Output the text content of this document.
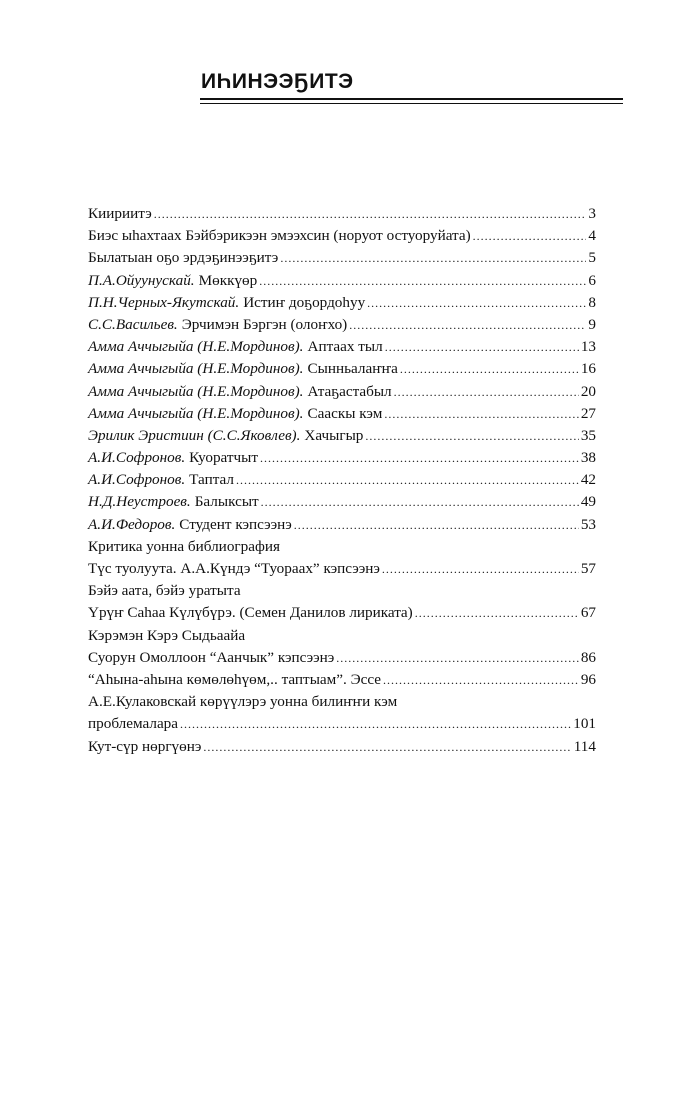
ИҺИНЭЭҔИТЭ
Киириитэ .....	3
Биэс ыhахтаах Бэйбэрикээн эмээхсин (норуот остуоруйата) .....	4
Былатыан оҕо эрдэҕинээҕитэ .....	5
П.А.Ойуунускай. Мөккүөр .....	6
П.Н.Черных-Якутскай. Истиҥ доҕордоhуу .....	8
С.С.Васильев. Эрчимэн Бэргэн (олоҥхо) .....	9
Амма Аччыгыйа (Н.Е.Мординов). Аптаах тыл .....	13
Амма Аччыгыйа (Н.Е.Мординов). Сынньалаҥҥа .....	16
Амма Аччыгыйа (Н.Е.Мординов). Атаҕастабыл .....	20
Амма Аччыгыйа (Н.Е.Мординов). Сааскы кэм .....	27
Эрилик Эристиин (С.С.Яковлев). Хачыгыр .....	35
А.И.Софронов. Куоратчыт .....	38
А.И.Софронов. Таптал .....	42
Н.Д.Неустроев. Балыксыт .....	49
А.И.Федоров. Студент кэпсээнэ .....	53
Критика уонна библиография
Түс туолуута. А.А.Күндэ “Туораах” кэпсээнэ .....	57
Бэйэ аата, бэйэ уратыта
Үрүҥ Саhаа Күлүбүрэ. (Семен Данилов лирикатa) .....	67
Кэрэмэн Кэрэ Сыдьаайа
Суорун Омоллоон “Аанчык” кэпсээнэ .....	86
“Аhына-аhына көмөлөhүөм,.. таптыам”. Эссе .....	96
А.Е.Кулаковскай көрүүлэрэ уонна билиҥҥи кэм
проблемалара .....	101
Кут-сүр нөргүөнэ .....	114
